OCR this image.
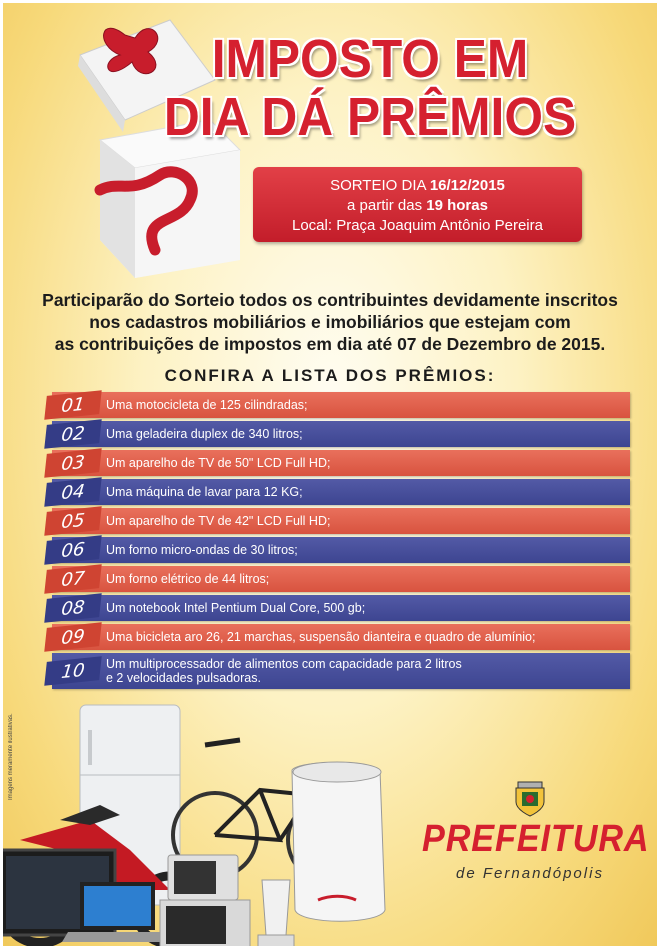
IMPOSTO EM
DIA DÁ PRÊMIOS
SORTEIO DIA 16/12/2015
a partir das 19 horas
Local: Praça Joaquim Antônio Pereira
Participarão do Sorteio todos os contribuintes devidamente inscritos
nos cadastros mobiliários e imobiliários que estejam com
as contribuições de impostos em dia até 07 de Dezembro de 2015.
CONFIRA A LISTA DOS PRÊMIOS:
01	Uma motocicleta de 125 cilindradas;
02	Uma geladeira duplex de 340 litros;
03	Um aparelho de TV de 50" LCD Full HD;
04	Uma máquina de lavar para 12 KG;
05	Um aparelho de TV de 42" LCD Full HD;
06	Um forno micro-ondas de 30 litros;
07	Um forno elétrico de 44 litros;
08	Um notebook Intel Pentium Dual Core, 500 gb;
09	Uma bicicleta aro 26, 21 marchas, suspensão dianteira e quadro de alumínio;
10	Um multiprocessador de alimentos com capacidade para 2 litros
e 2 velocidades pulsadoras.
Imagens meramente ilustrativas.
PREFEITURA
de Fernandópolis
